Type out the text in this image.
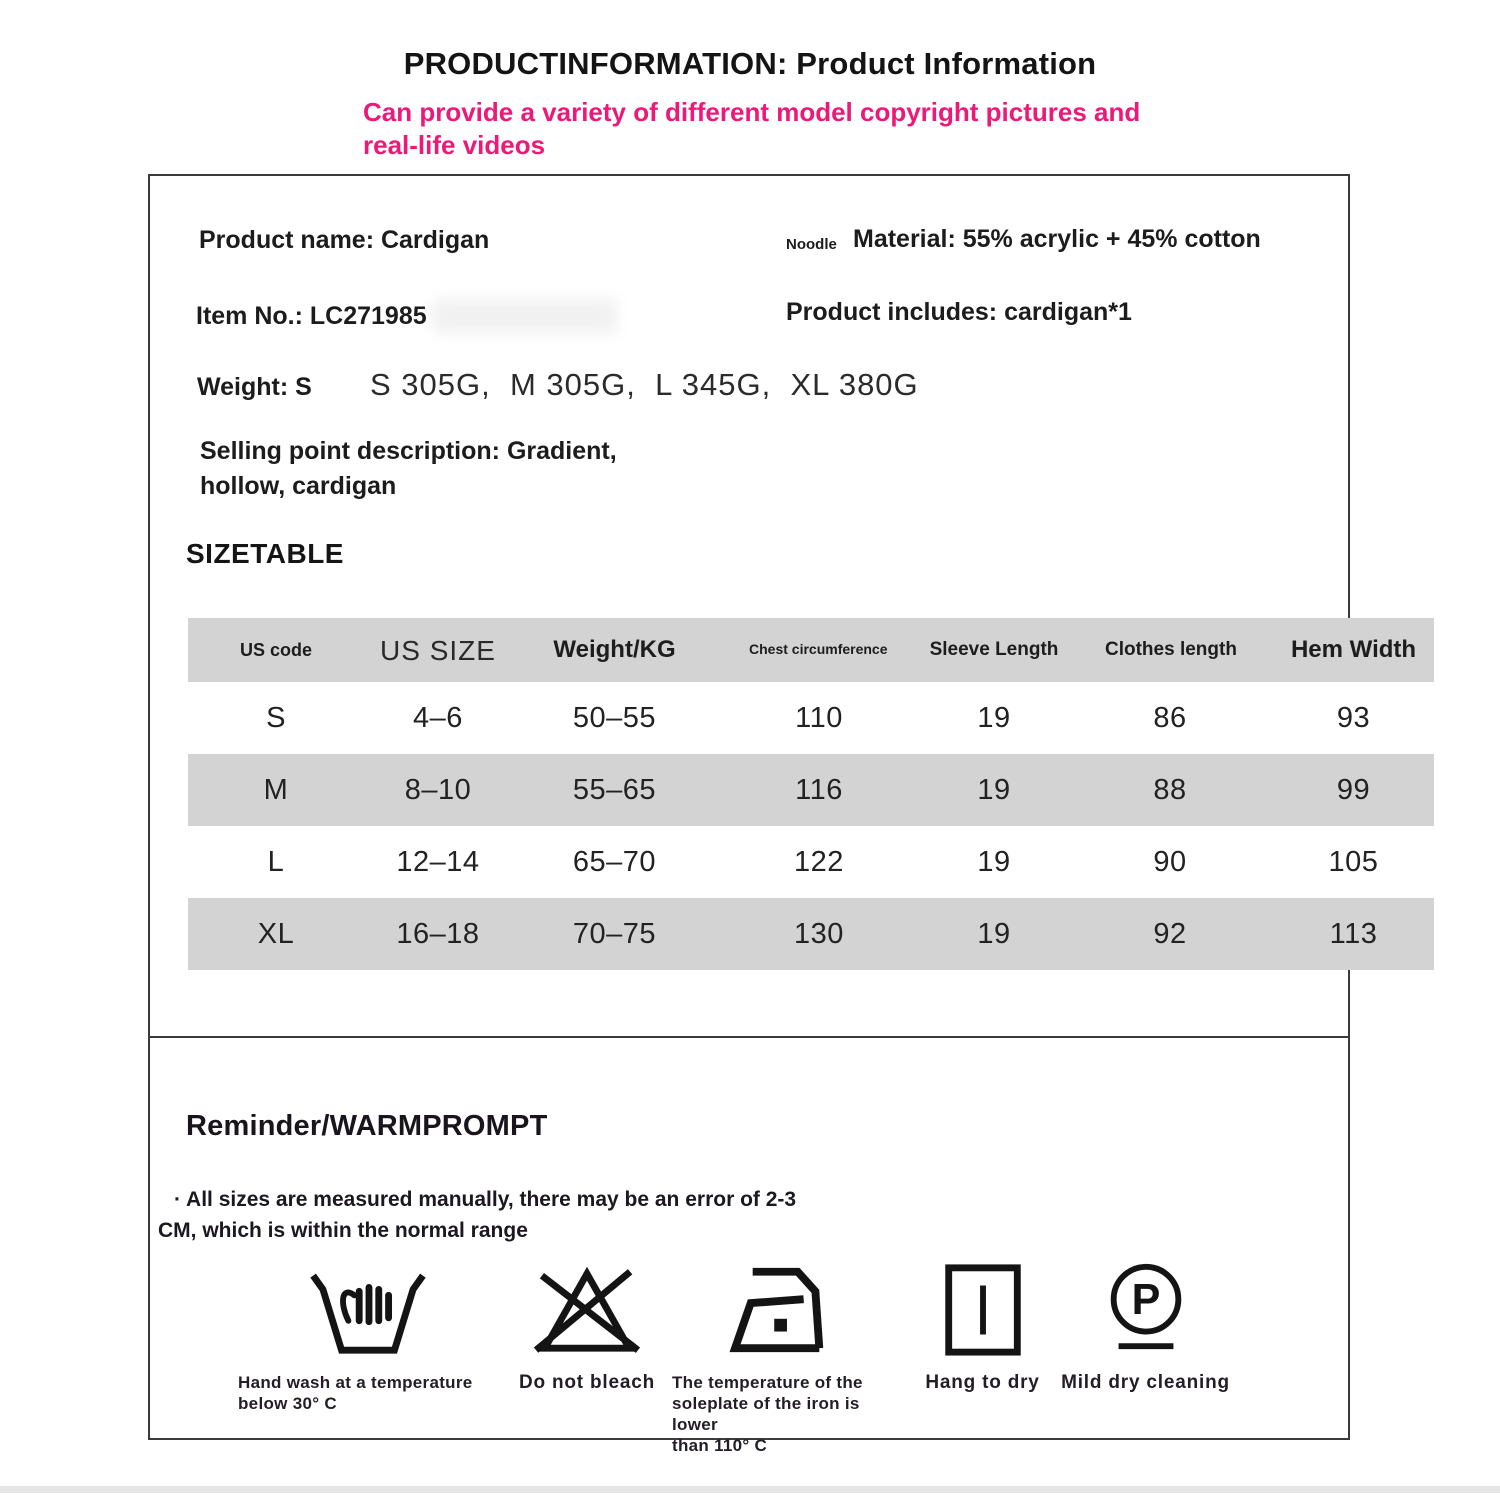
PRODUCTINFORMATION: Product Information
Can provide a variety of different model copyright pictures and
real-life videos
Product name: Cardigan	Noodle Material: 55% acrylic + 45% cotton
Item No.: LC271985	Product includes: cardigan*1
Weight: S S 305G,  M 305G,  L 345G,  XL 380G
Selling point description: Gradient,
hollow, cardigan
SIZETABLE
US code	US SIZE	Weight/KG	Chest circumference	Sleeve Length	Clothes length	Hem Width
S	4–6	50–55	110	19	86	93
M	8–10	55–65	116	19	88	99
L	12–14	65–70	122	19	90	105
XL	16–18	70–75	130	19	92	113
Reminder/WARMPROMPT
· All sizes are measured manually, there may be an error of 2-3
CM, which is within the normal range
Hand wash at a temperature
below 30° C
Do not bleach	The temperature of the
soleplate of the iron is lower
than 110° C
Hang to dry
P
Mild dry cleaning
